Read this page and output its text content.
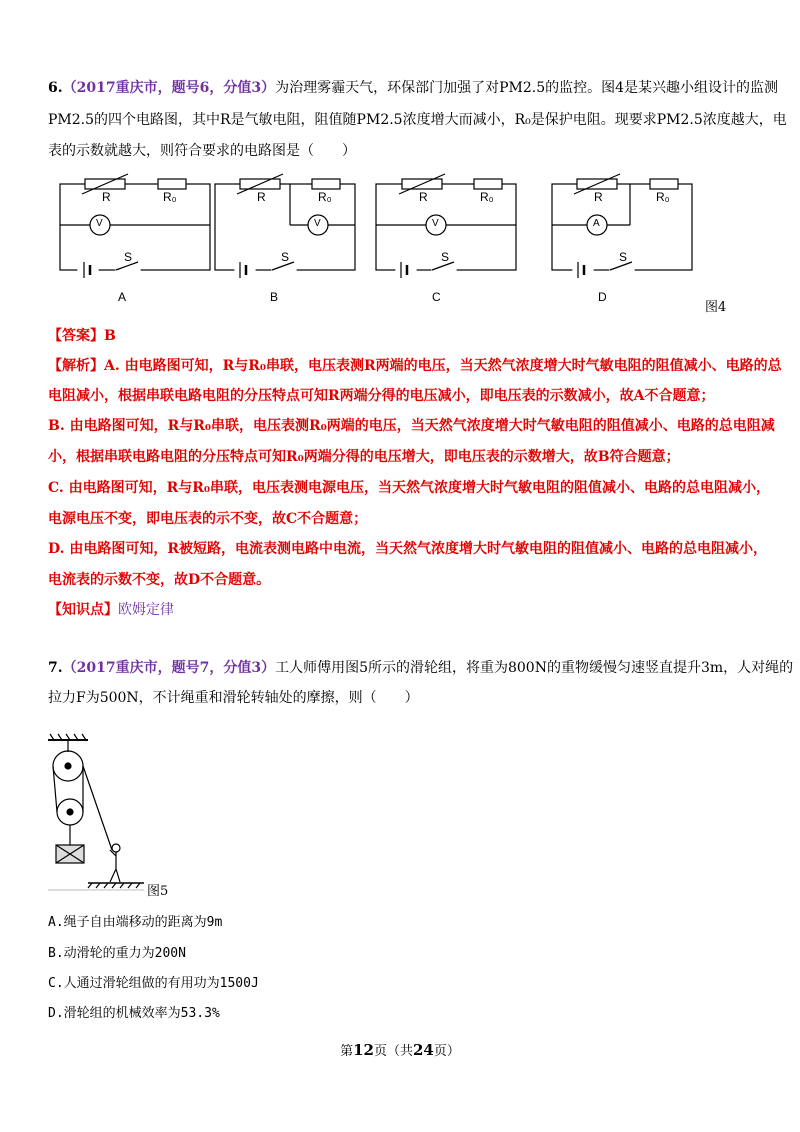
6.（2017重庆市，题号6，分值3）为治理雾霾天气，环保部门加强了对PM2.5的监控。图4是某兴趣小组设计的监测
PM2.5的四个电路图，其中R是气敏电阻，阻值随PM2.5浓度增大而减小，R₀是保护电阻。现要求PM2.5浓度越大，电
表的示数就越大，则符合要求的电路图是（　　）
R	R₀
V
S
A
R	R₀
V
S
B
R	R₀
V
S
C
R	R₀
A
S
D
图4
【答案】B
【解析】A. 由电路图可知，R与R₀串联，电压表测R两端的电压，当天然气浓度增大时气敏电阻的阻值减小、电路的总
电阻减小，根据串联电路电阻的分压特点可知R两端分得的电压减小，即电压表的示数减小，故A不合题意；
B. 由电路图可知，R与R₀串联，电压表测R₀两端的电压，当天然气浓度增大时气敏电阻的阻值减小、电路的总电阻减
小，根据串联电路电阻的分压特点可知R₀两端分得的电压增大，即电压表的示数增大，故B符合题意；
C. 由电路图可知，R与R₀串联，电压表测电源电压，当天然气浓度增大时气敏电阻的阻值减小、电路的总电阻减小，
电源电压不变，即电压表的示不变，故C不合题意；
D. 由电路图可知，R被短路，电流表测电路中电流，当天然气浓度增大时气敏电阻的阻值减小、电路的总电阻减小，
电流表的示数不变，故D不合题意。
【知识点】欧姆定律
7.（2017重庆市，题号7，分值3）工人师傅用图5所示的滑轮组，将重为800N的重物缓慢匀速竖直提升3m，人对绳的
拉力F为500N，不计绳重和滑轮转轴处的摩擦，则（　　）
图5
A.绳子自由端移动的距离为9m
B.动滑轮的重力为200N
C.人通过滑轮组做的有用功为1500J
D.滑轮组的机械效率为53.3%
第12页（共24页）
